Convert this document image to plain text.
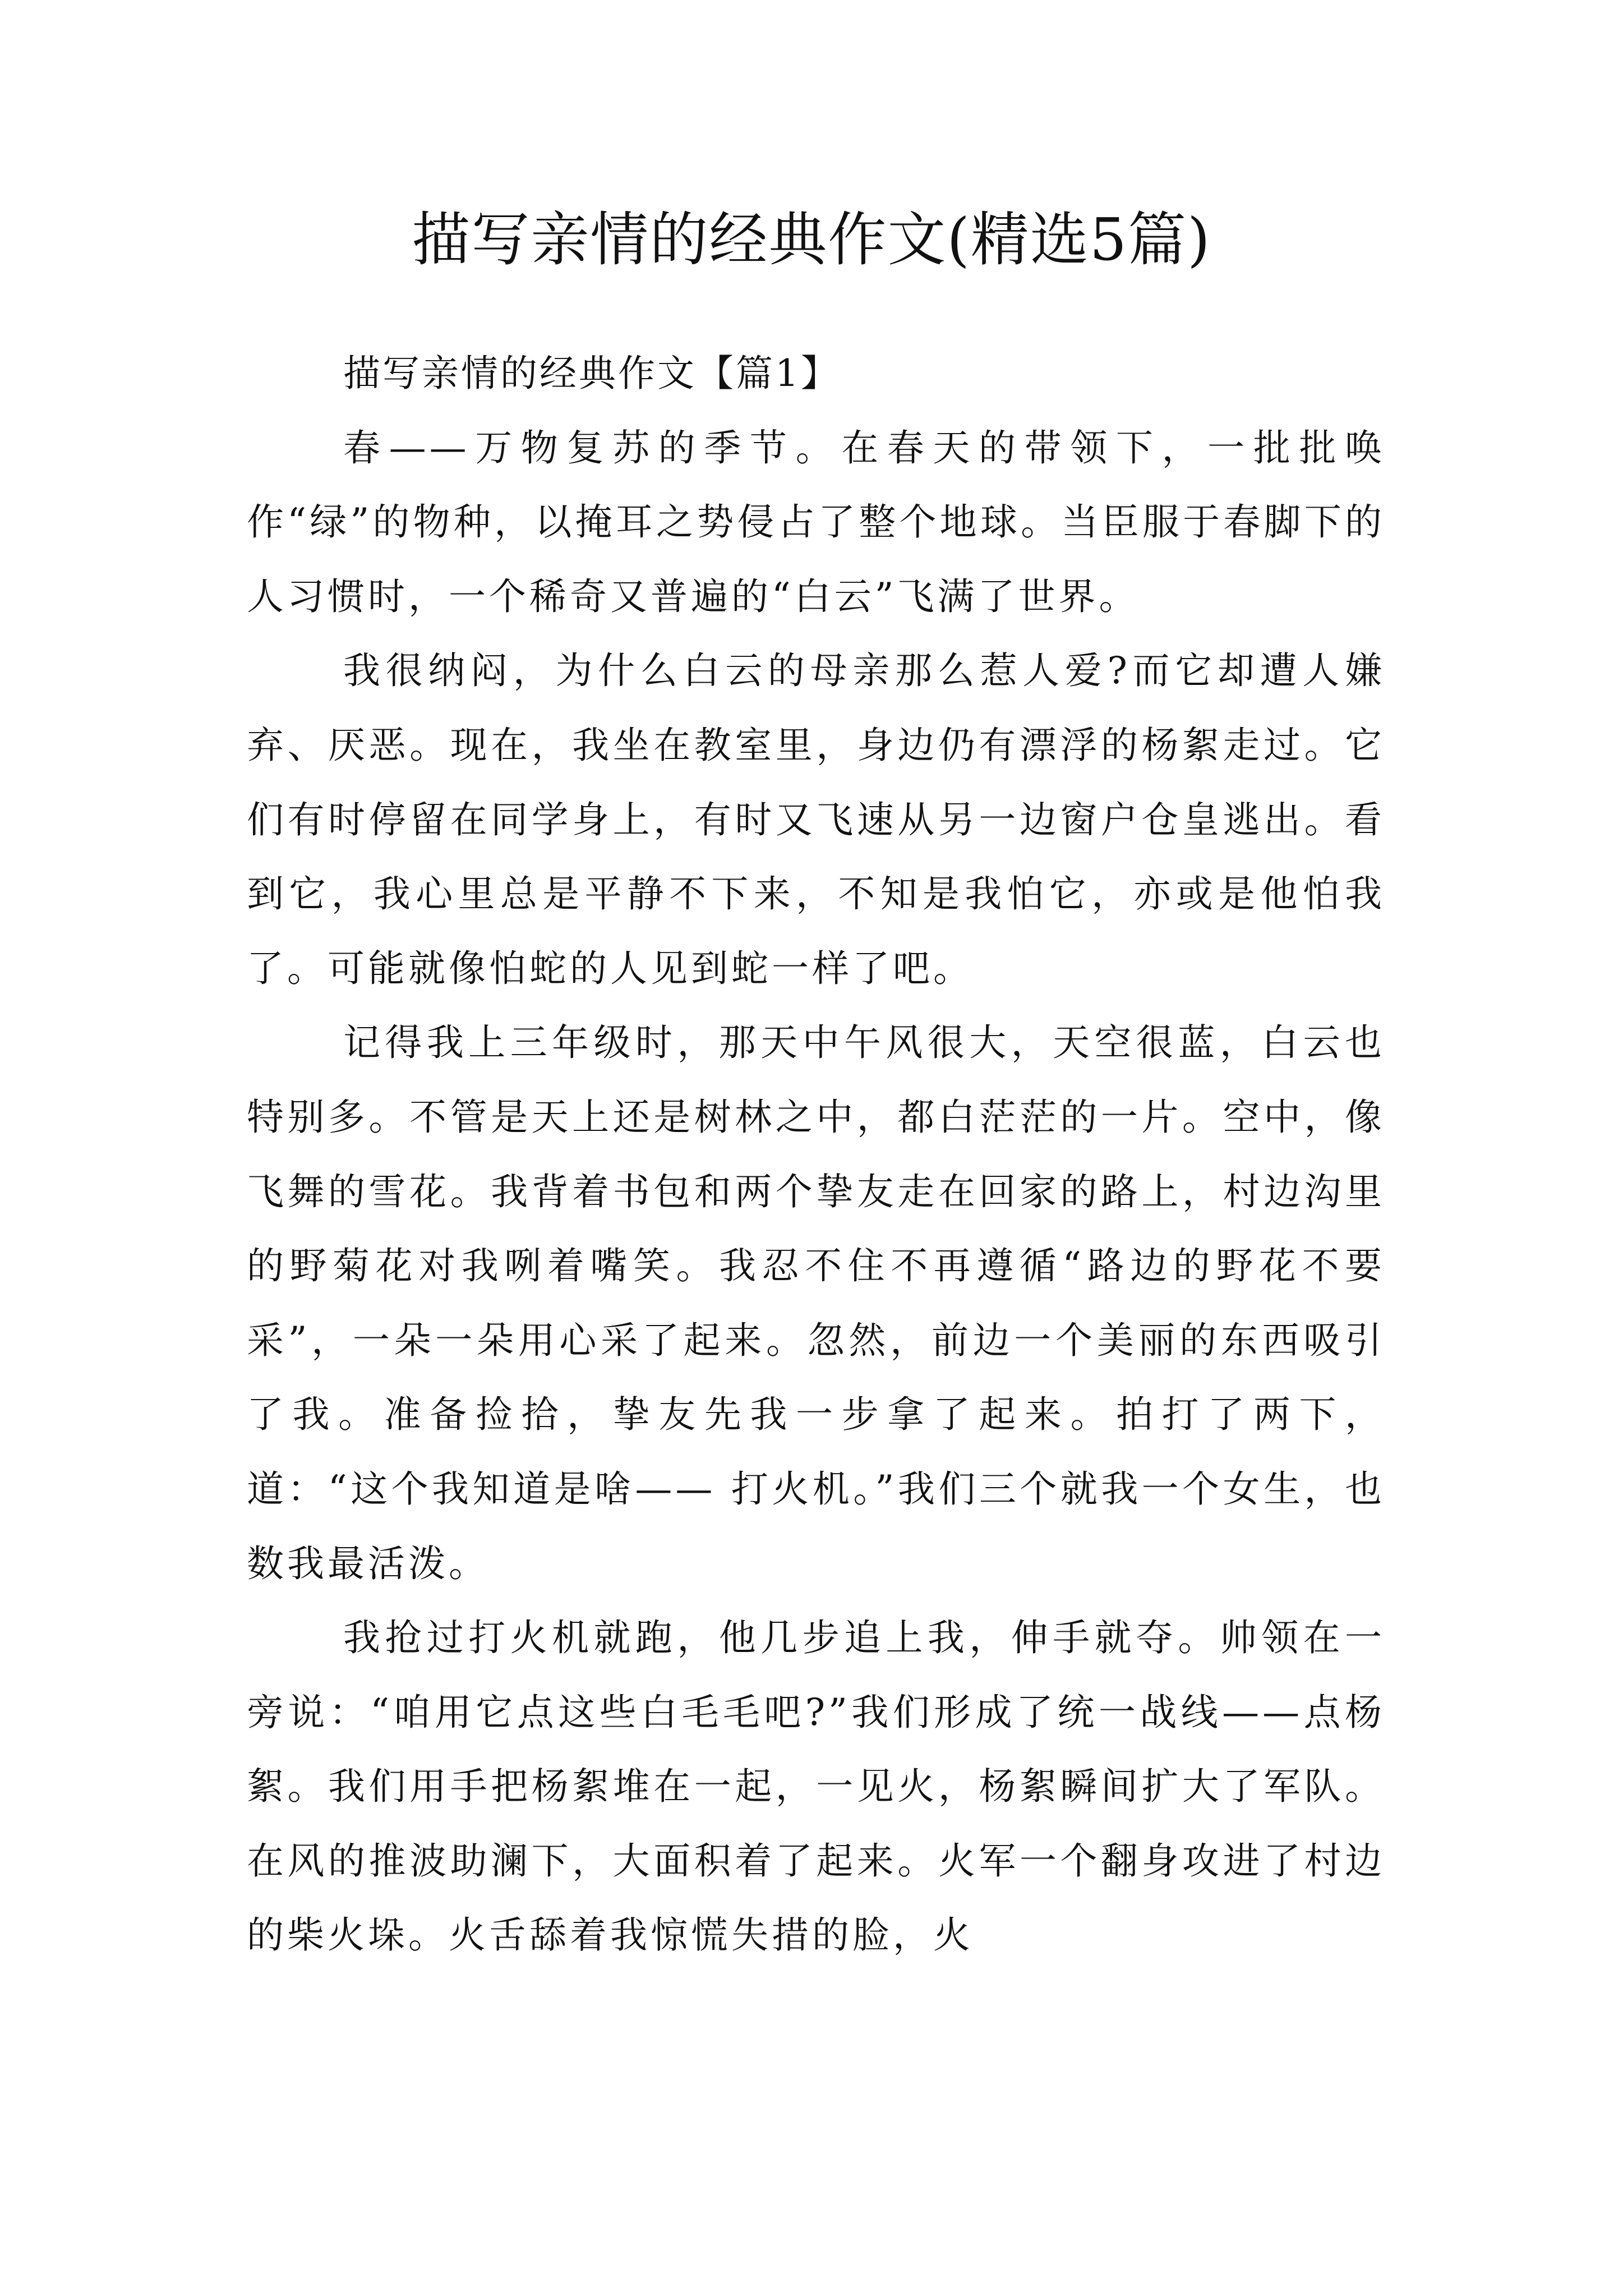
描写亲情的经典作文(精选5篇)

描写亲情的经典作文【篇1】

春——万物复苏的季节。在春天的带领下，一批批唤作“绿”的物种，以掩耳之势侵占了整个地球。当臣服于春脚下的人习惯时，一个稀奇又普遍的“白云”飞满了世界。

我很纳闷，为什么白云的母亲那么惹人爱?而它却遭人嫌弃、厌恶。现在，我坐在教室里，身边仍有漂浮的杨絮走过。它们有时停留在同学身上，有时又飞速从另一边窗户仓皇逃出。看到它，我心里总是平静不下来，不知是我怕它，亦或是他怕我了。可能就像怕蛇的人见到蛇一样了吧。

记得我上三年级时，那天中午风很大，天空很蓝，白云也特别多。不管是天上还是树林之中，都白茫茫的一片。空中，像飞舞的雪花。我背着书包和两个挚友走在回家的路上，村边沟里的野菊花对我咧着嘴笑。我忍不住不再遵循“路边的野花不要采”，一朵一朵用心采了起来。忽然，前边一个美丽的东西吸引了我。准备捡拾，挚友先我一步拿了起来。拍打了两下，道：“这个我知道是啥—— 打火机。”我们三个就我一个女生，也数我最活泼。

我抢过打火机就跑，他几步追上我，伸手就夺。帅领在一旁说：“咱用它点这些白毛毛吧?”我们形成了统一战线——点杨絮。我们用手把杨絮堆在一起，一见火，杨絮瞬间扩大了军队。在风的推波助澜下，大面积着了起来。火军一个翻身攻进了村边的柴火垛。火舌舔着我惊慌失措的脸，火
